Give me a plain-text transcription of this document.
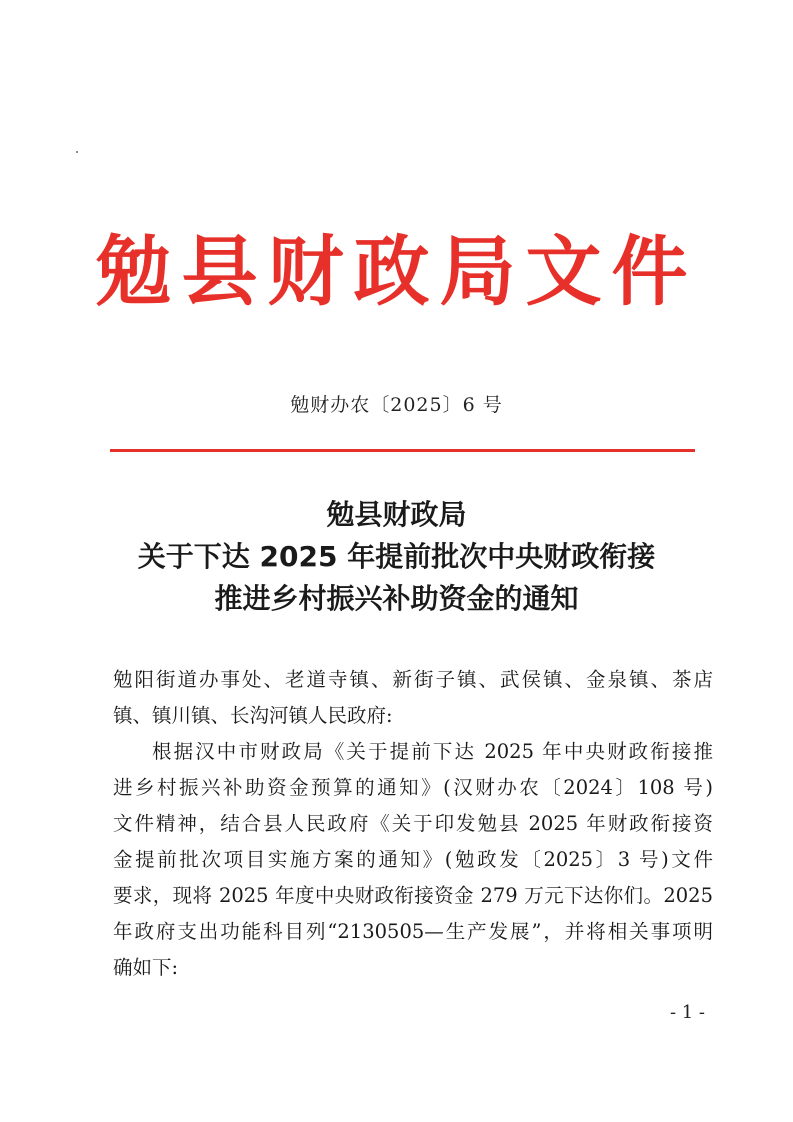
勉县财政局文件
勉财办农〔2025〕6 号
勉县财政局
关于下达 2025 年提前批次中央财政衔接
推进乡村振兴补助资金的通知
勉阳街道办事处、老道寺镇、新街子镇、武侯镇、金泉镇、茶店
镇、镇川镇、长沟河镇人民政府:
根据汉中市财政局《关于提前下达 2025 年中央财政衔接推
进乡村振兴补助资金预算的通知》(汉财办农〔2024〕108 号)
文件精神，结合县人民政府《关于印发勉县 2025 年财政衔接资
金提前批次项目实施方案的通知》(勉政发〔2025〕3 号)文件
要求，现将 2025 年度中央财政衔接资金 279 万元下达你们。2025
年政府支出功能科目列“2130505—生产发展”，并将相关事项明
确如下:
- 1 -
